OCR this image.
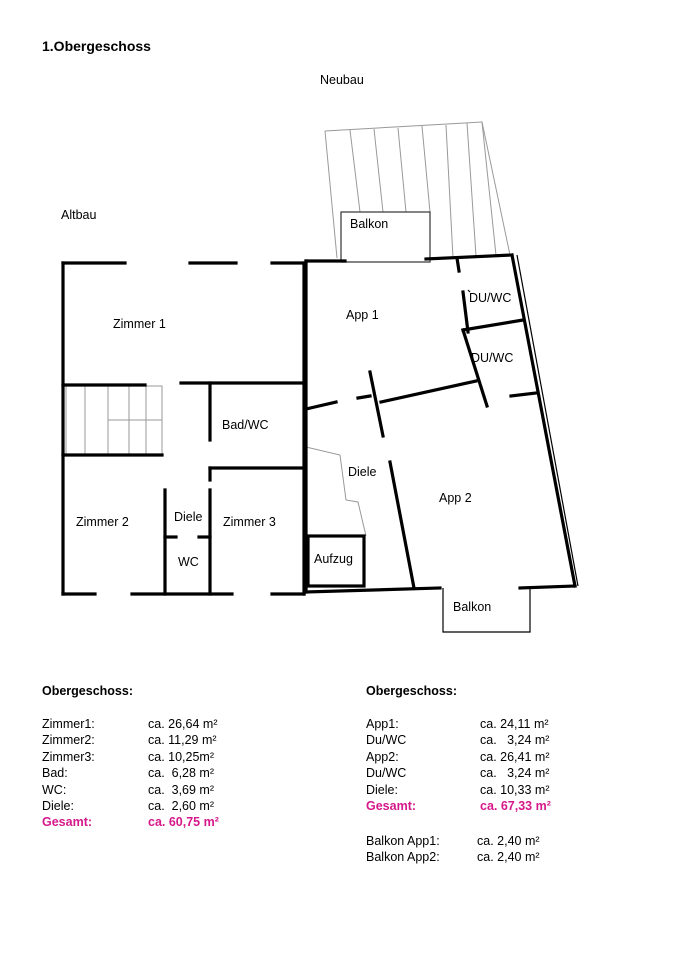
1.Obergeschoss
Neubau
Altbau
Balkon
Zimmer 1
Bad/WC
Zimmer 2	Diele Zimmer 3
WC
App 1
DU/WC
DU/WC
Diele
App 2
Aufzug
Balkon
Obergeschoss:
Zimmer1:	ca. 26,64 m²
Zimmer2:	ca. 11,29 m²
Zimmer3:	ca. 10,25m²
Bad:	ca.  6,28 m²
WC:	ca.  3,69 m²
Diele:	ca.  2,60 m²
Gesamt:	ca. 60,75 m²
Obergeschoss:
App1:	ca. 24,11 m²
Du/WC	ca.   3,24 m²
App2:	ca. 26,41 m²
Du/WC	ca.   3,24 m²
Diele:	ca. 10,33 m²
Gesamt:	ca. 67,33 m²
Balkon App1:	ca. 2,40 m²
Balkon App2:	ca. 2,40 m²
